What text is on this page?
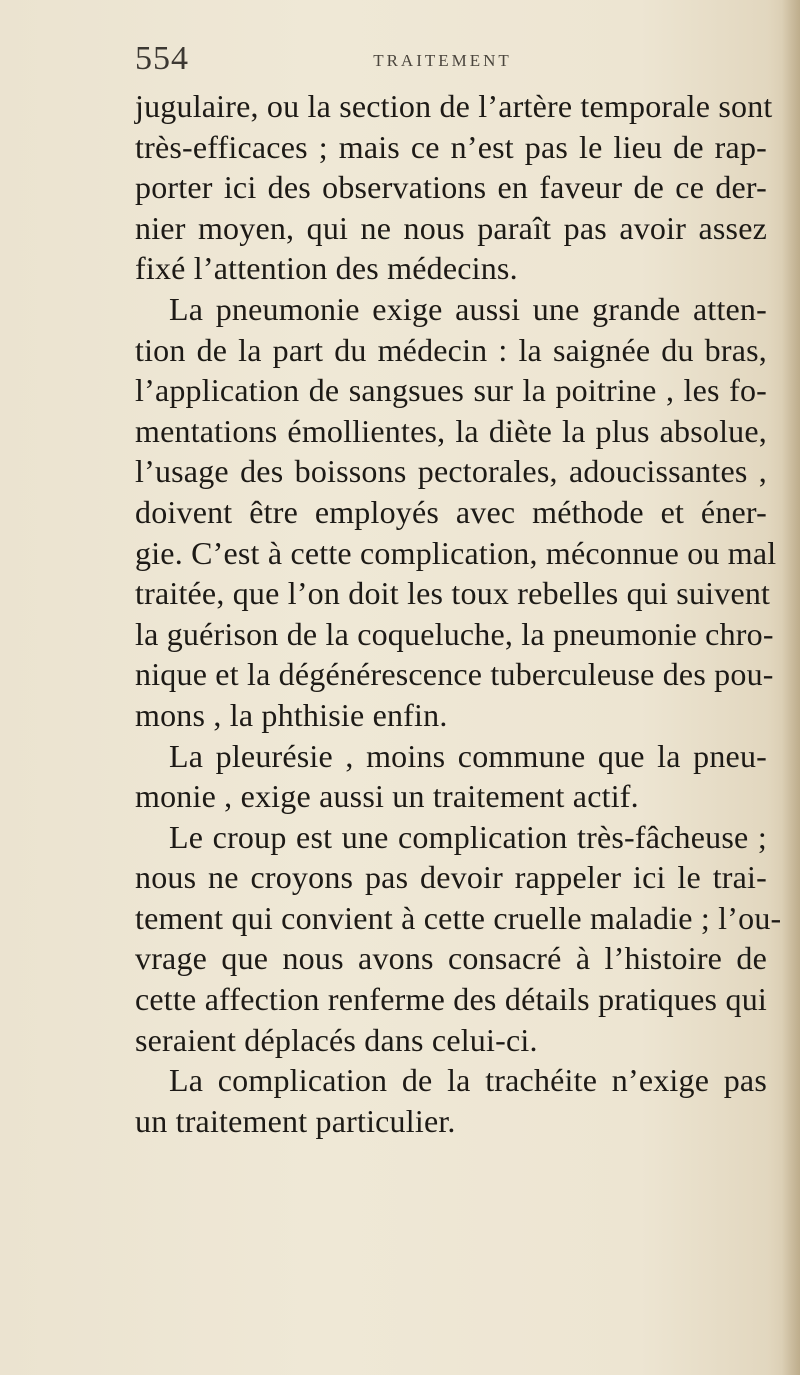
554	TRAITEMENT
jugulaire, ou la section de l’artère temporale sont
très-efficaces ; mais ce n’est pas le lieu de rap-
porter ici des observations en faveur de ce der-
nier moyen, qui ne nous paraît pas avoir assez
fixé l’attention des médecins.
La pneumonie exige aussi une grande atten-
tion de la part du médecin : la saignée du bras,
l’application de sangsues sur la poitrine , les fo-
mentations émollientes, la diète la plus absolue,
l’usage des boissons pectorales, adoucissantes ,
doivent être employés avec méthode et éner-
gie. C’est à cette complication, méconnue ou mal
traitée, que l’on doit les toux rebelles qui suivent
la guérison de la coqueluche, la pneumonie chro-
nique et la dégénérescence tuberculeuse des pou-
mons , la phthisie enfin.
La pleurésie , moins commune que la pneu-
monie , exige aussi un traitement actif.
Le croup est une complication très-fâcheuse ;
nous ne croyons pas devoir rappeler ici le trai-
tement qui convient à cette cruelle maladie ; l’ou-
vrage que nous avons consacré à l’histoire de
cette affection renferme des détails pratiques qui
seraient déplacés dans celui-ci.
La complication de la trachéite n’exige pas
un traitement particulier.
